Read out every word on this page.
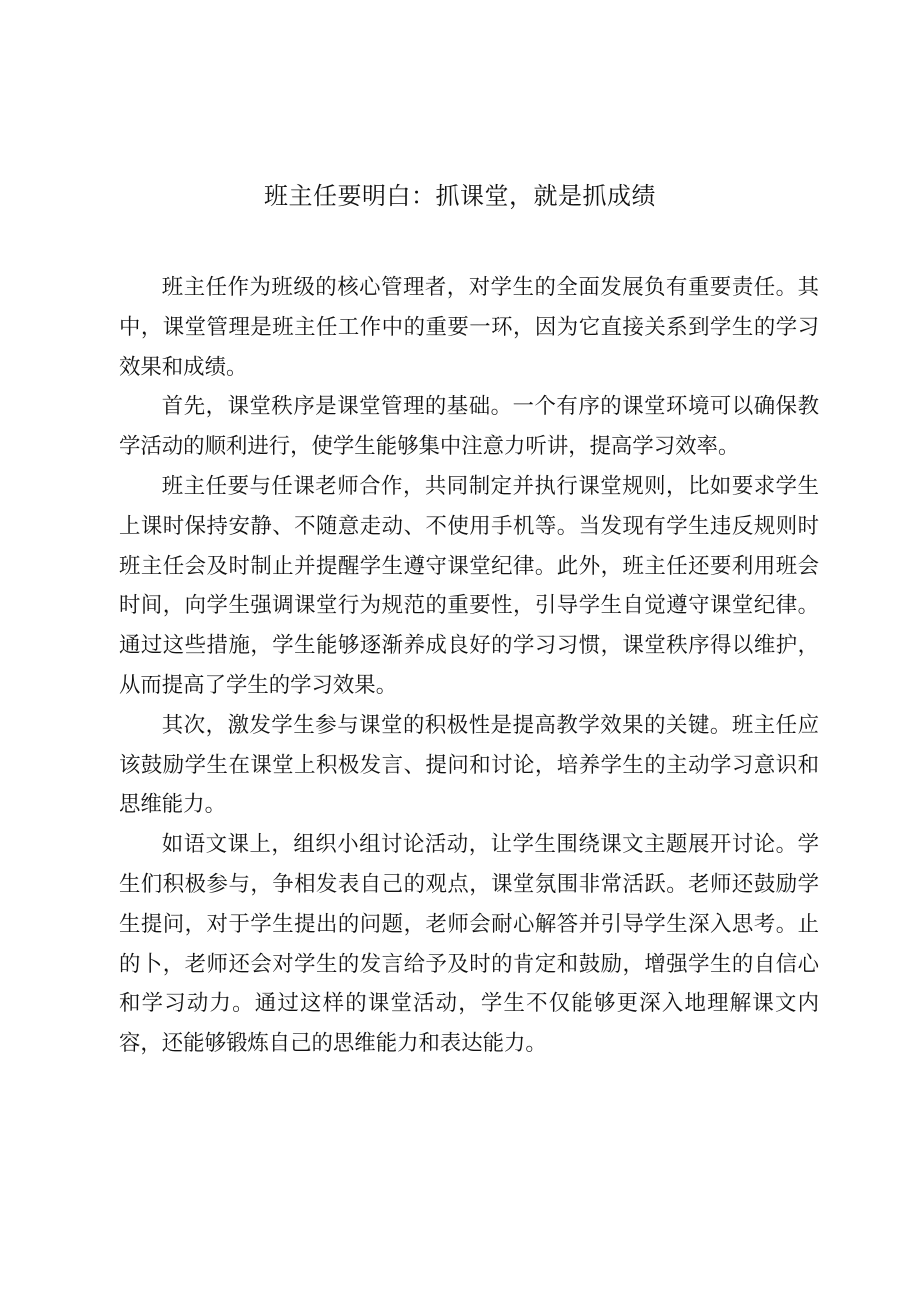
班主任要明白：抓课堂，就是抓成绩

班主任作为班级的核心管理者，对学生的全面发展负有重要责任。其中，课堂管理是班主任工作中的重要一环，因为它直接关系到学生的学习效果和成绩。

首先，课堂秩序是课堂管理的基础。一个有序的课堂环境可以确保教学活动的顺利进行，使学生能够集中注意力听讲，提高学习效率。

班主任要与任课老师合作，共同制定并执行课堂规则，比如要求学生上课时保持安静、不随意走动、不使用手机等。当发现有学生违反规则时班主任会及时制止并提醒学生遵守课堂纪律。此外，班主任还要利用班会时间，向学生强调课堂行为规范的重要性，引导学生自觉遵守课堂纪律。通过这些措施，学生能够逐渐养成良好的学习习惯，课堂秩序得以维护，从而提高了学生的学习效果。

其次，激发学生参与课堂的积极性是提高教学效果的关键。班主任应该鼓励学生在课堂上积极发言、提问和讨论，培养学生的主动学习意识和思维能力。

如语文课上，组织小组讨论活动，让学生围绕课文主题展开讨论。学生们积极参与，争相发表自己的观点，课堂氛围非常活跃。老师还鼓励学生提问，对于学生提出的问题，老师会耐心解答并引导学生深入思考。止的卜，老师还会对学生的发言给予及时的肯定和鼓励，增强学生的自信心和学习动力。通过这样的课堂活动，学生不仅能够更深入地理解课文内容，还能够锻炼自己的思维能力和表达能力。
